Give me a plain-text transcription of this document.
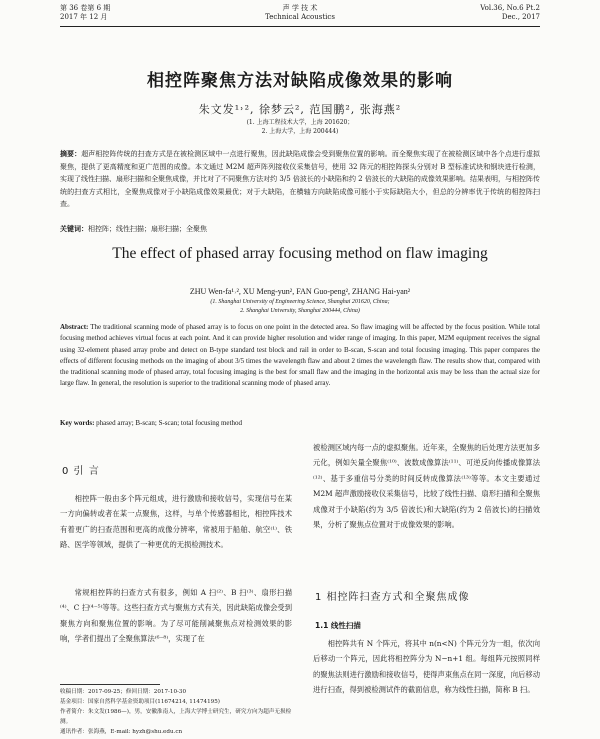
第 36 卷第 6 期
2017 年 12 月
声 学 技 术
Technical Acoustics
Vol.36, No.6 Pt.2
Dec., 2017
相控阵聚焦方法对缺陷成像效果的影响
朱文发¹˒², 徐梦云², 范国鹏², 张海燕²
(1. 上海工程技术大学，上海 201620；
2. 上海大学，上海 200444)
摘要：超声相控阵传统的扫查方式是在被检测区域中一点进行聚焦，因此缺陷成像会受到聚焦位置的影响。而全聚焦实现了在被检测区域中各个点进行虚拟聚焦，提供了更高精度和更广范围的成像。本文通过 M2M 超声阵列接收仪采集信号，使用 32 阵元的相控阵探头分别对 B 型标准试块和钢块进行检测，实现了线性扫描、扇形扫描和全聚焦成像，并比对了不同聚焦方法对约 3/5 倍波长的小缺陷和约 2 倍波长的大缺陷的成像效果影响。结果表明，与相控阵传统的扫查方式相比，全聚焦成像对于小缺陷成像效果最优；对于大缺陷，在横轴方向缺陷成像可能小于实际缺陷大小，但总的分辨率优于传统的相控阵扫查。
关键词：相控阵；线性扫描；扇形扫描；全聚焦
The effect of phased array focusing method on flaw imaging
ZHU Wen-fa¹˒², XU Meng-yun², FAN Guo-peng², ZHANG Hai-yan²
(1. Shanghai University of Engineering Science, Shanghai 201620, China;
2. Shanghai University, Shanghai 200444, China)
Abstract: The traditional scanning mode of phased array is to focus on one point in the detected area. So flaw imaging will be affected by the focus position. While total focusing method achieves virtual focus at each point. And it can provide higher resolution and wider range of imaging. In this paper, M2M equipment receives the signal using 32-element phased array probe and detect on B-type standard test block and rail in order to B-scan, S-scan and total focusing imaging. This paper compares the effects of different focusing methods on the imaging of about 3/5 times the wavelength flaw and about 2 times the wavelength flaw. The results show that, compared with the traditional scanning mode of phased array, total focusing imaging is the best for small flaw and the imaging in the horizontal axis may be less than the actual size for large flaw. In general, the resolution is superior to the traditional scanning mode of phased array.
Key words: phased array; B-scan; S-scan; total focusing method
0 引 言
相控阵一般由多个阵元组成，进行激励和接收信号，实现信号在某一方向偏转或者在某一点聚焦，这样，与单个传感器相比，相控阵技术有着更广的扫查范围和更高的成像分辨率，常被用于船舶、航空⁽¹⁾、铁路、医学等领域，提供了一种更优的无损检测技术。
常规相控阵的扫查方式有很多，例如 A 扫⁽²⁾、B 扫⁽³⁾、扇形扫描⁽⁴⁾、C 扫⁽⁴⁻⁵⁾等等。这些扫查方式与聚焦方式有关，因此缺陷成像会受到聚焦方向和聚焦位置的影响。为了尽可能削减聚焦点对检测效果的影响，学者们提出了全聚焦算法⁽⁶⁻⁸⁾，实现了在
收稿日期：2017-09-25；修回日期：2017-10-30
基金项目：国家自然科学基金资助项目(11674214, 11474195)
作者简介：朱文发(1986—)，男，安徽淮南人，上海大学博士研究生，研究方向为超声无损检测。
通讯作者：张海燕，E-mail: hyzh@shu.edu.cn
被检测区域内每一点的虚拟聚焦。近年来，全聚焦的后处理方法更加多元化，例如矢量全聚焦⁽¹⁰⁾、波数成像算法⁽¹¹⁾、可逆反向传播成像算法⁽¹²⁾、基于多重信号分类的时间反转成像算法⁽¹³⁾等等。本文主要通过 M2M 超声激励接收仪采集信号，比较了线性扫描、扇形扫描和全聚焦成像对于小缺陷(约为 3/5 倍波长)和大缺陷(约为 2 倍波长)的扫描效果，分析了聚焦点位置对于成像效果的影响。
1 相控阵扫查方式和全聚焦成像
1.1 线性扫描
相控阵共有 N 个阵元，将其中 n(n<N) 个阵元分为一组，依次向后移动一个阵元，因此将相控阵分为 N−n+1 组。每组阵元按照同样的聚焦法则进行激励和接收信号，使得声束焦点在同一深度，向后移动进行扫查，得到被检测试件的截面信息，称为线性扫描，简称 B 扫。
